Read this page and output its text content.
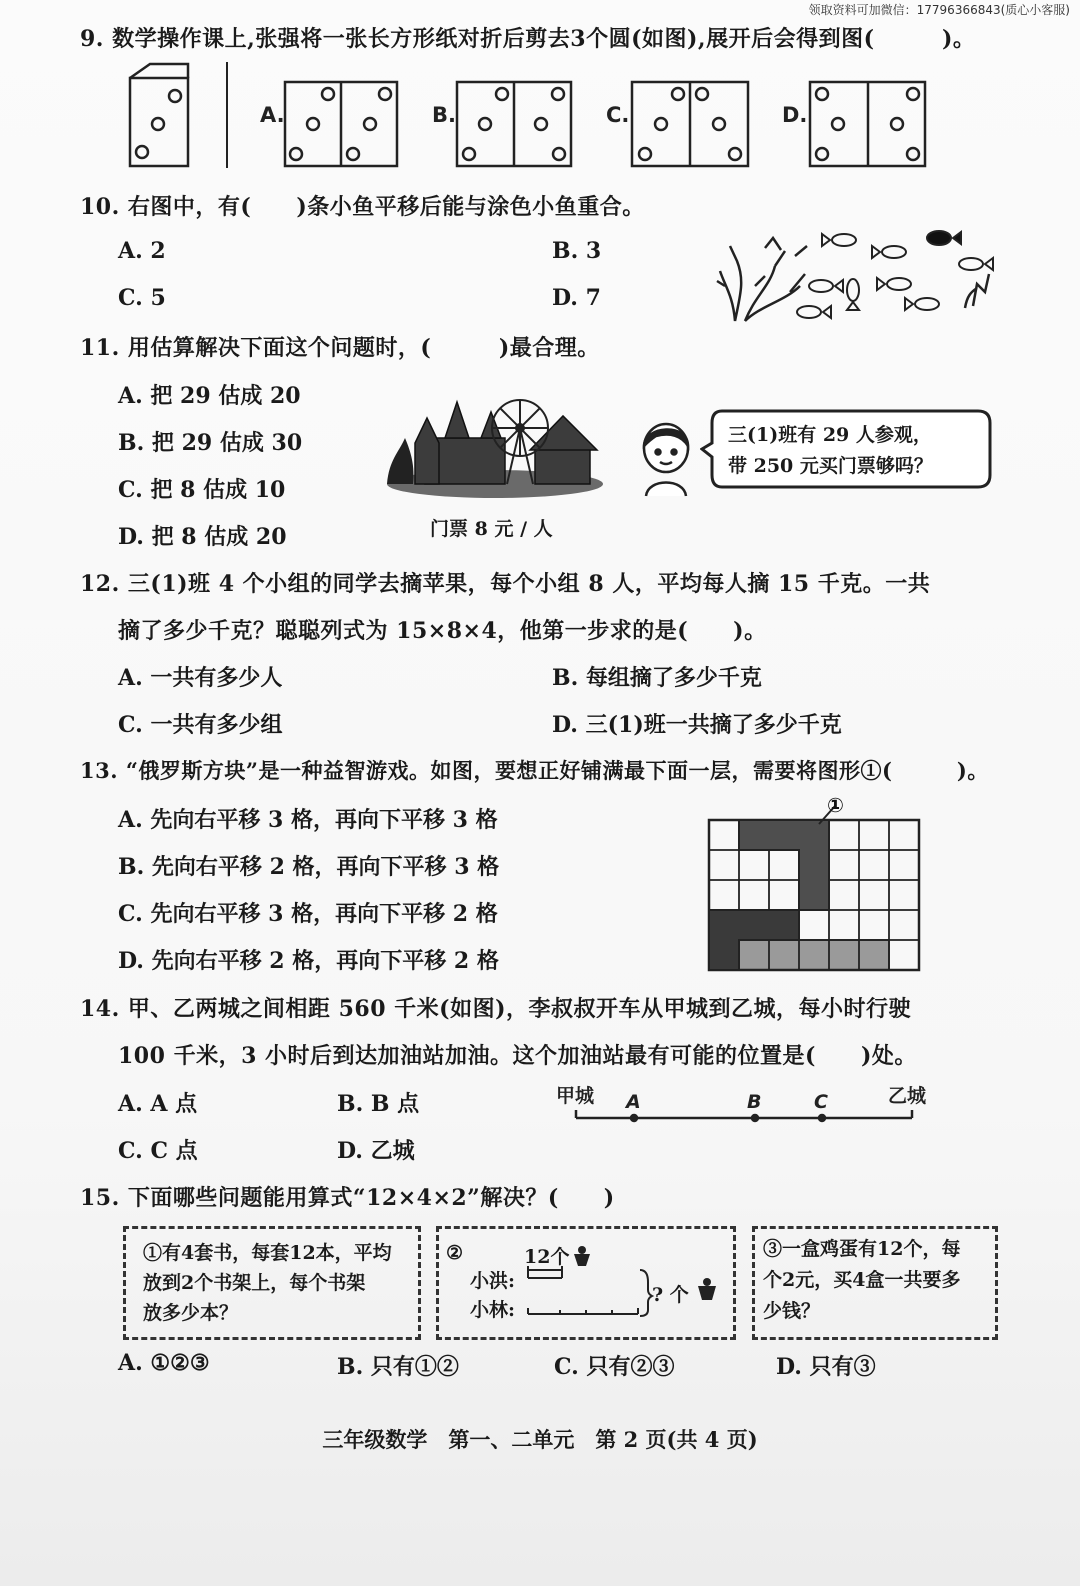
领取资料可加微信：17796366843(质心小客服)
9. 数学操作课上,张强将一张长方形纸对折后剪去3个圆(如图),展开后会得到图(　　　)。
A.	B.	C.	D.
10. 右图中，有(　　)条小鱼平移后能与涂色小鱼重合。
A. 2	B. 3
C. 5	D. 7
11. 用估算解决下面这个问题时，(　　　)最合理。
A. 把 29 估成 20
B. 把 29 估成 30
C. 把 8 估成 10
D. 把 8 估成 20	门票 8 元 / 人
三(1)班有 29 人参观，
带 250 元买门票够吗？
12. 三(1)班 4 个小组的同学去摘苹果，每个小组 8 人，平均每人摘 15 千克。一共
摘了多少千克？聪聪列式为 15×8×4，他第一步求的是(　　)。
A. 一共有多少人	B. 每组摘了多少千克
C. 一共有多少组	D. 三(1)班一共摘了多少千克
13. “俄罗斯方块”是一种益智游戏。如图，要想正好铺满最下面一层，需要将图形①(　　　)。
A. 先向右平移 3 格，再向下平移 3 格
B. 先向右平移 2 格，再向下平移 3 格
C. 先向右平移 3 格，再向下平移 2 格
D. 先向右平移 2 格，再向下平移 2 格
①
14. 甲、乙两城之间相距 560 千米(如图)，李叔叔开车从甲城到乙城，每小时行驶
100 千米，3 小时后到达加油站加油。这个加油站最有可能的位置是(　　)处。
A. A 点	B. B 点
C. C 点	D. 乙城
甲城 A	B	C	乙城
15. 下面哪些问题能用算式“12×4×2”解决？(　　)
①有4套书，每套12本，平均
放到2个书架上，每个书架
放多少本？
②	12个
小洪:
小林:
? 个
③一盒鸡蛋有12个，每
个2元，买4盒一共要多
少钱？
A. ①②③	B. 只有①②	C. 只有②③	D. 只有③
三年级数学　第一、二单元　第 2 页(共 4 页)
